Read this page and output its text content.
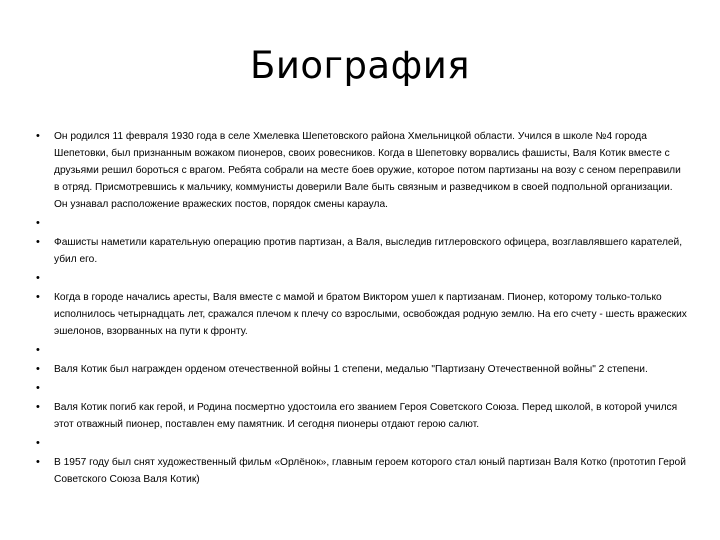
Биография
• Он родился 11 февраля 1930 года в селе Хмелевка Шепетовского района Хмельницкой области. Учился в школе №4 города Шепетовки, был признанным вожаком пионеров, своих ровесников. Когда в Шепетовку ворвались фашисты, Валя Котик вместе с друзьями решил бороться с врагом. Ребята собрали на месте боев оружие, которое потом партизаны на возу с сеном переправили в отряд. Присмотревшись к мальчику, коммунисты доверили Вале быть связным и разведчиком в своей подпольной организации. Он узнавал расположение вражеских постов, порядок смены караула.
•
• Фашисты наметили карательную операцию против партизан, а Валя, выследив гитлеровского офицера, возглавлявшего карателей, убил его.
•
• Когда в городе начались аресты, Валя вместе с мамой и братом Виктором ушел к партизанам. Пионер, которому только-только исполнилось четырнадцать лет, сражался плечом к плечу со взрослыми, освобождая родную землю. На его счету - шесть вражеских эшелонов, взорванных на пути к фронту.
•
• Валя Котик был награжден орденом отечественной войны 1 степени, медалью "Партизану Отечественной войны" 2 степени.
•
• Валя Котик погиб как герой, и Родина посмертно удостоила его званием Героя Советского Союза. Перед школой, в которой учился этот отважный пионер, поставлен ему памятник. И сегодня пионеры отдают герою салют.
•
• В 1957 году был снят художественный фильм «Орлёнок», главным героем которого стал юный партизан Валя Котко (прототип Герой Советского Союза Валя Котик)
